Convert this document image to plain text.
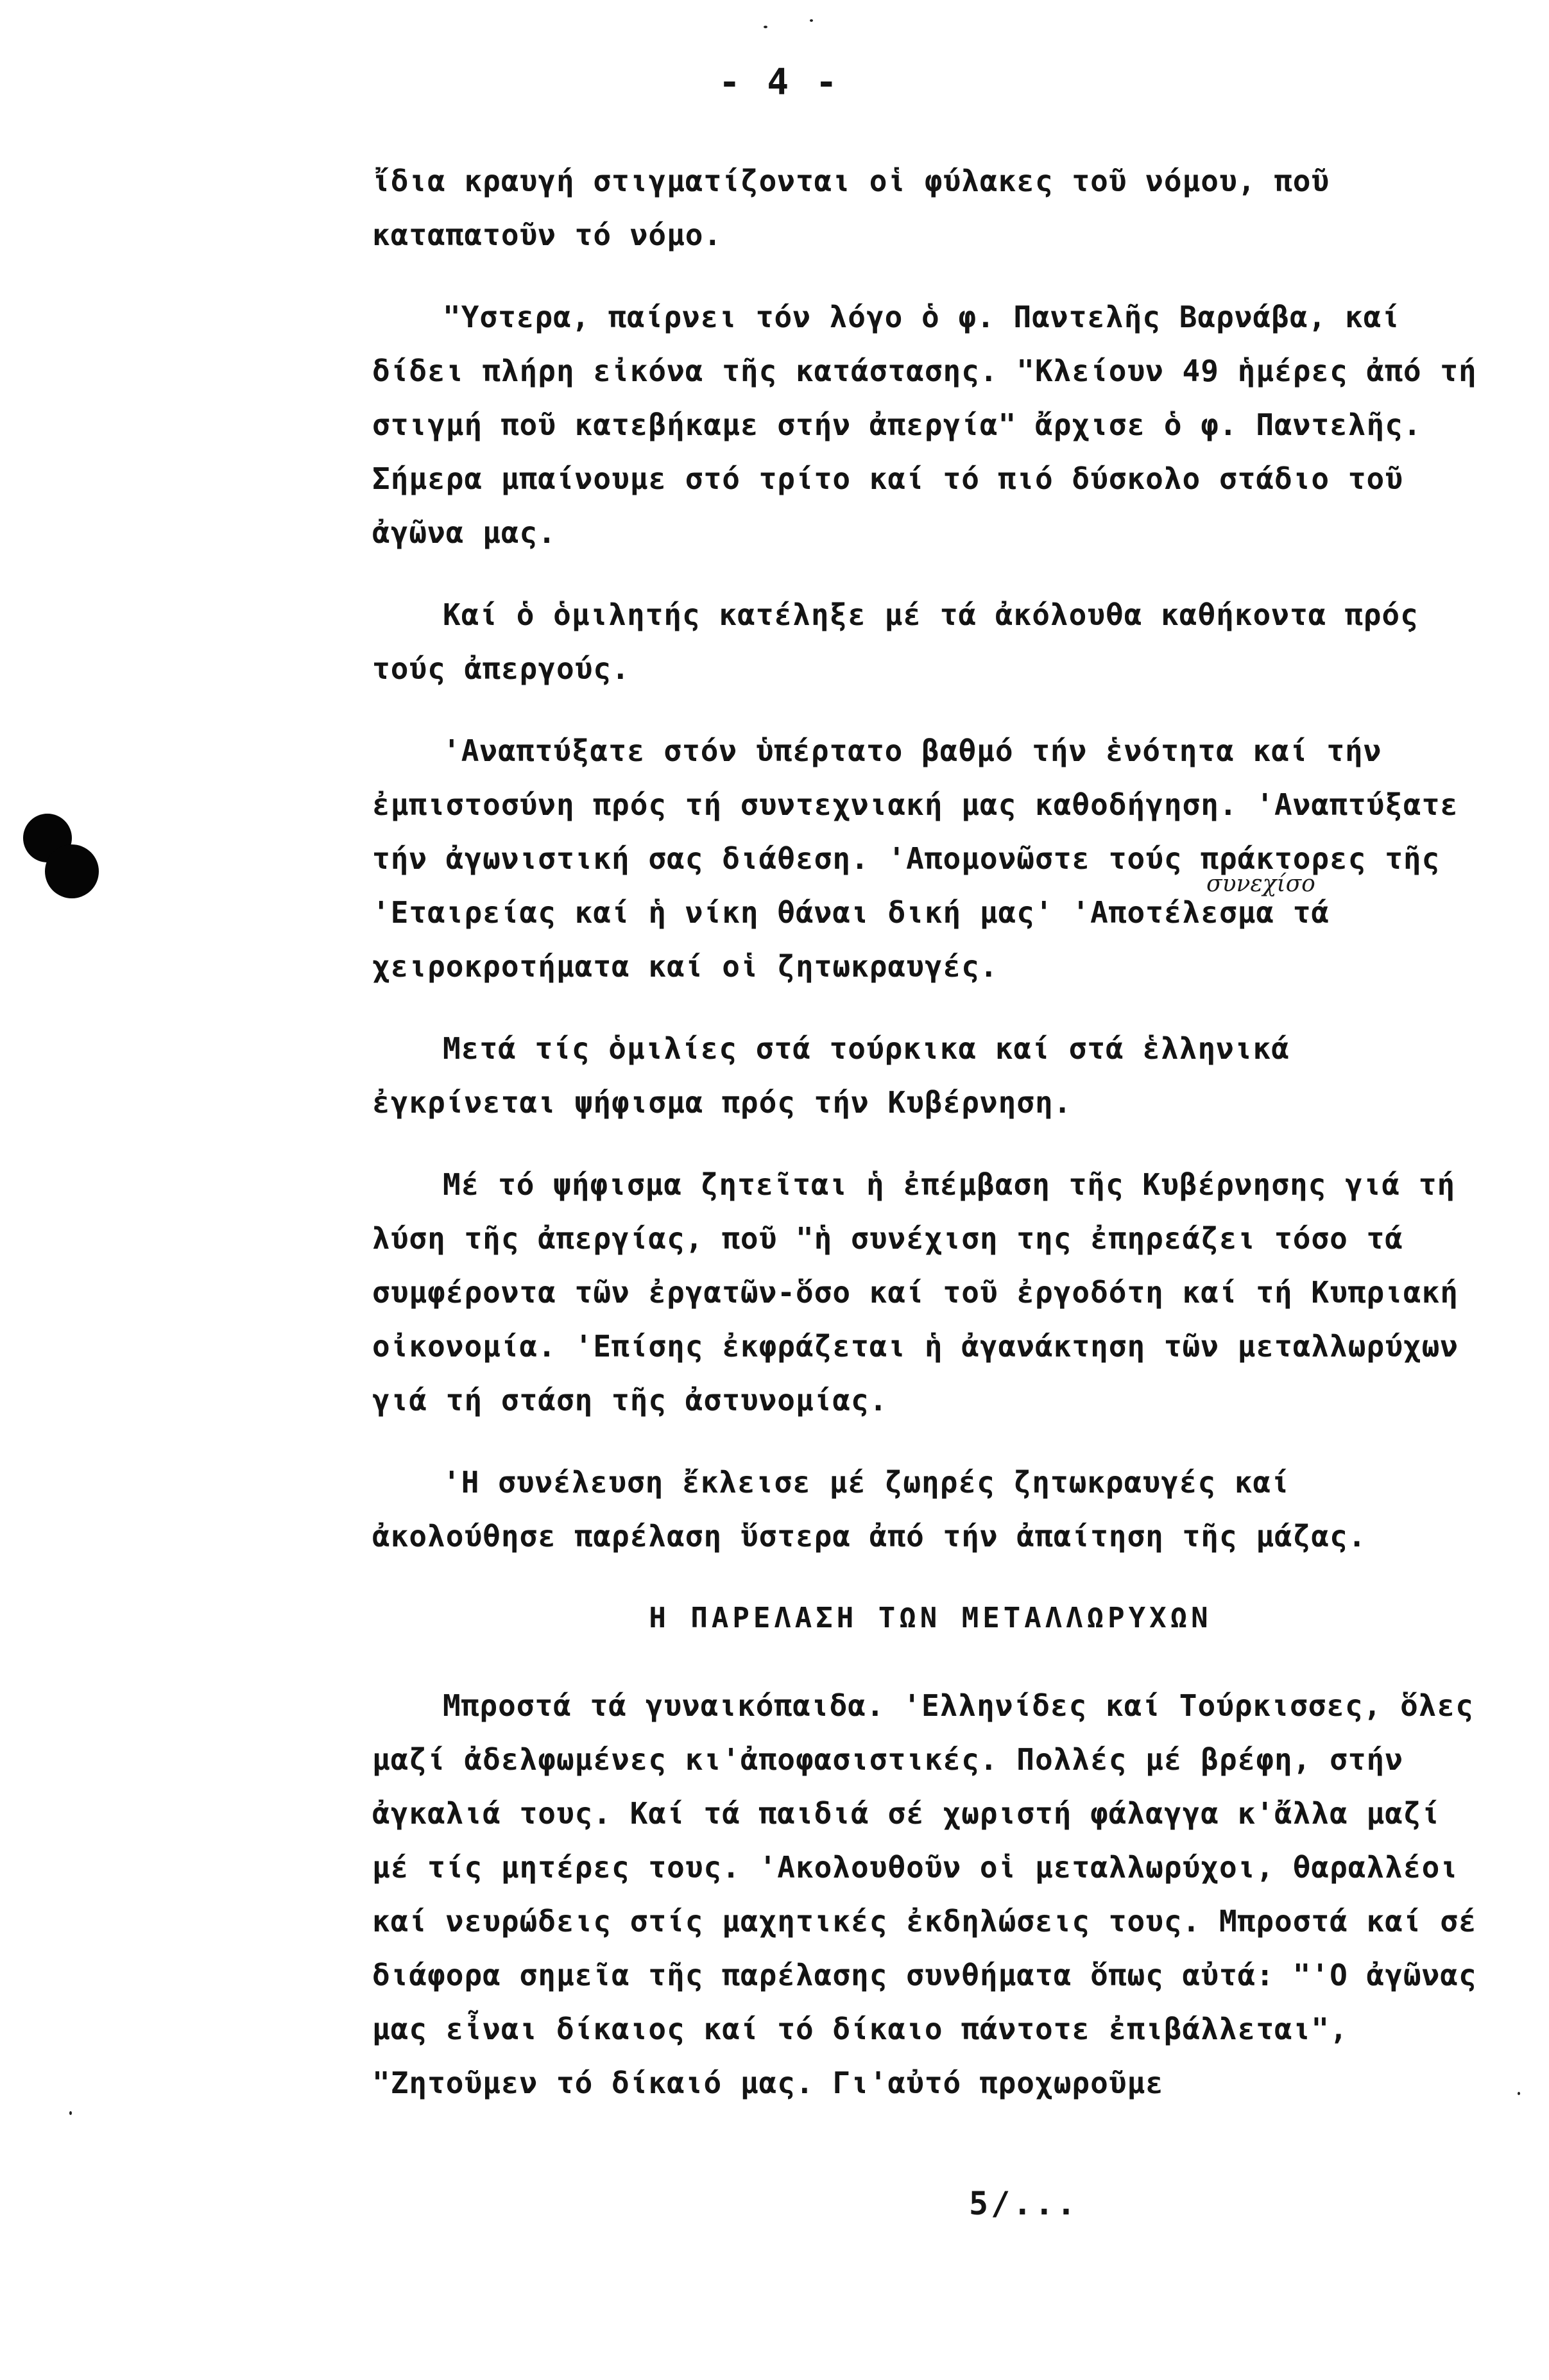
- 4 -

ἴδια κραυγή στιγματίζονται οἱ φύλακες τοῦ νόμου, ποῦ καταπατοῦν τό νόμο.

"Υστερα, παίρνει τόν λόγο ὁ φ. Παντελῆς Βαρνάβα, καί δίδει πλήρη εἰκόνα τῆς κατάστασης. "Κλείουν 49 ἡμέρες ἀπό τή στιγμή ποῦ κατεβήκαμε στήν ἀπεργία" ἄρχισε ὁ φ. Παντελῆς. Σήμερα μπαίνουμε στό τρίτο καί τό πιό δύσκολο στάδιο τοῦ ἀγῶνα μας.

Καί ὁ ὁμιλητής κατέληξε μέ τά ἀκόλουθα καθήκοντα πρός τούς ἀπεργούς.

'Αναπτύξατε στόν ὑπέρτατο βαθμό τήν ἑνότητα καί τήν ἐμπιστοσύνη πρός τή συντεχνιακή μας καθοδήγηση. 'Αναπτύξατε τήν ἀγωνιστική σας διάθεση. 'Απομονῶστε τούς πράκτορες τῆς 'Εταιρείας καί ἡ νίκη θάναι δική μας' 'Αποτέλεσμα τά χειροκροτήματα καί οἱ ζητωκραυγές.

Μετά τίς ὁμιλίες στά τούρκικα καί στά ἑλληνικά ἐγκρίνεται ψήφισμα πρός τήν Κυβέρνηση.

Μέ τό ψήφισμα ζητεῖται ἡ ἐπέμβαση τῆς Κυβέρνησης γιά τή λύση τῆς ἀπεργίας, ποῦ "ἡ συνέχιση της ἐπηρεάζει τόσο τά συμφέροντα τῶν ἐργατῶν-ὅσο καί τοῦ ἐργοδότη καί τή Κυπριακή οἰκονομία. 'Επίσης ἐκφράζεται ἡ ἀγανάκτηση τῶν μεταλλωρύχων γιά τή στάση τῆς ἀστυνομίας.

'Η συνέλευση ἔκλεισε μέ ζωηρές ζητωκραυγές καί ἀκολούθησε παρέλαση ὕστερα ἀπό τήν ἀπαίτηση τῆς μάζας.

Η ΠΑΡΕΛΑΣΗ ΤΩΝ ΜΕΤΑΛΛΩΡΥΧΩΝ

Μπροστά τά γυναικόπαιδα. 'Ελληνίδες καί Τούρκισσες, ὅλες μαζί ἀδελφωμένες κι'ἀποφασιστικές. Πολλές μέ βρέφη, στήν ἀγκαλιά τους. Καί τά παιδιά σέ χωριστή φάλαγγα κ'ἄλλα μαζί μέ τίς μητέρες τους. 'Ακολουθοῦν οἱ μεταλλωρύχοι, θαραλλέοι καί νευρώδεις στίς μαχητικές ἐκδηλώσεις τους. Μπροστά καί σέ διάφορα σημεῖα τῆς παρέλασης συνθήματα ὅπως αὐτά: "'Ο ἀγῶνας μας εἶναι δίκαιος καί τό δίκαιο πάντοτε ἐπιβάλλεται", "Ζητοῦμεν τό δίκαιό μας. Γι'αὐτό προχωροῦμε

συνεχίσο
5/...
